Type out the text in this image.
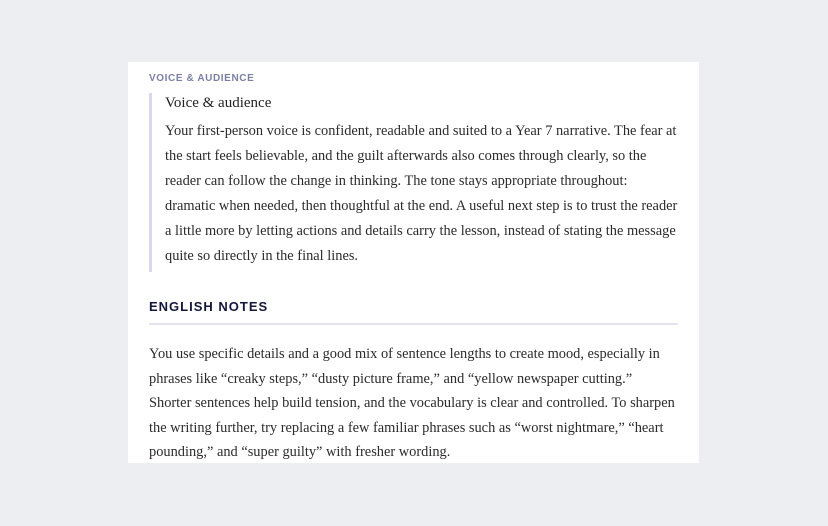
VOICE & AUDIENCE

Voice & audience

Your first-person voice is confident, readable and suited to a Year 7 narrative. The fear at the start feels believable, and the guilt afterwards also comes through clearly, so the reader can follow the change in thinking. The tone stays appropriate throughout: dramatic when needed, then thoughtful at the end. A useful next step is to trust the reader a little more by letting actions and details carry the lesson, instead of stating the message quite so directly in the final lines.

ENGLISH NOTES
You use specific details and a good mix of sentence lengths to create mood, especially in phrases like “creaky steps,” “dusty picture frame,” and “yellow newspaper cutting.” Shorter sentences help build tension, and the vocabulary is clear and controlled. To sharpen the writing further, try replacing a few familiar phrases such as “worst nightmare,” “heart pounding,” and “super guilty” with fresher wording.
